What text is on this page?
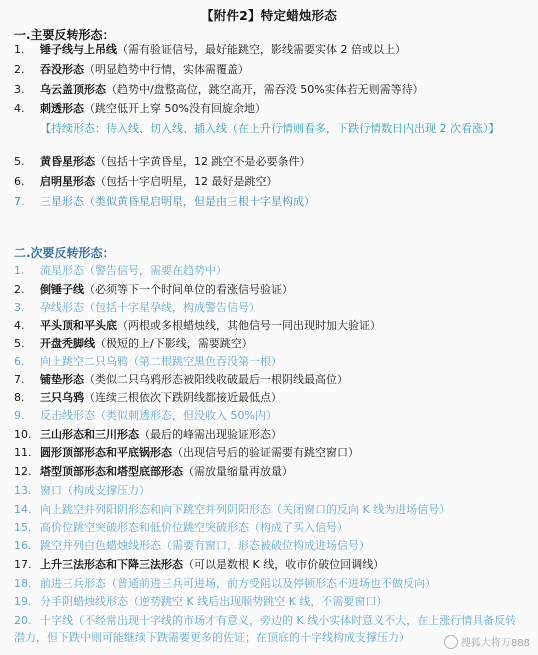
【附件2】特定蜡烛形态
一.主要反转形态：
1. 锤子线与上吊线（需有验证信号，最好能跳空，影线需要实体 2 倍或以上）
2. 吞没形态（明显趋势中行情，实体需覆盖）
3. 乌云盖顶形态（趋势中/盘整高位，跳空高开，需吞没 50%实体若无则需等待）
4. 刺透形态（跳空低开上穿 50%没有回旋余地）
【持续形态：待入线、切入线、插入线（在上升行情则看多，下跌行情数日内出现 2 次看涨）】
5. 黄昏星形态（包括十字黄昏星，12 跳空不是必要条件）
6. 启明星形态（包括十字启明星，12 最好是跳空）
7. 三星形态（类似黄昏星启明星，但是由三根十字星构成）
二.次要反转形态：
1. 流星形态（警告信号，需要在趋势中）
2. 倒锤子线（必须等下一个时间单位的看涨信号验证）
3. 孕线形态（包括十字星孕线，构成警告信号）
4. 平头顶和平头底（两根或多根蜡烛线，其他信号一同出现时加大验证）
5. 开盘秃脚线（极短的上/下影线，需要跳空）
6. 向上跳空二只乌鸦（第二根跳空黑色吞没第一根）
7. 铺垫形态（类似二只乌鸦形态被阳线收破最后一根阴线最高位）
8. 三只乌鸦（连续三根依次下跌阴线都接近最低点）
9. 反击线形态（类似刺透形态，但没收入 50%内）
10. 三山形态和三川形态（最后的峰需出现验证形态）
11. 圆形顶部形态和平底锅形态（出现信号后的验证需要有跳空窗口）
12. 塔型顶部形态和塔型底部形态（需放量缩量再放量）
13. 窗口（构成支撑压力）
14. 向上跳空并列阳阴形态和向下跳空并列阴阳形态（关闭窗口的反向 K 线为进场信号）
15. 高价位跳空突破形态和低价位跳空突破形态（构成了买入信号）
16. 跳空并列白色蜡烛线形态（需要有窗口，形态被破位构成进场信号）
17. 上升三法形态和下降三法形态（可以是数根 K 线，收市价破位回调线）
18. 前进三兵形态（普通前进三兵可进场，前方受阻以及停顿形态不进场也不做反向）
19. 分手阴蜡烛线形态（逆势跳空 K 线后出现顺势跳空 K 线，不需要窗口）
20. 十字线（不经常出现十字线的市场才有意义，旁边的 K 线小实体时意义不大，在上涨行情具备反转潜力，但下跌中则可能继续下跌需要更多的佐证；在顶底的十字线构成支撑压力）	搜狐大将万888
